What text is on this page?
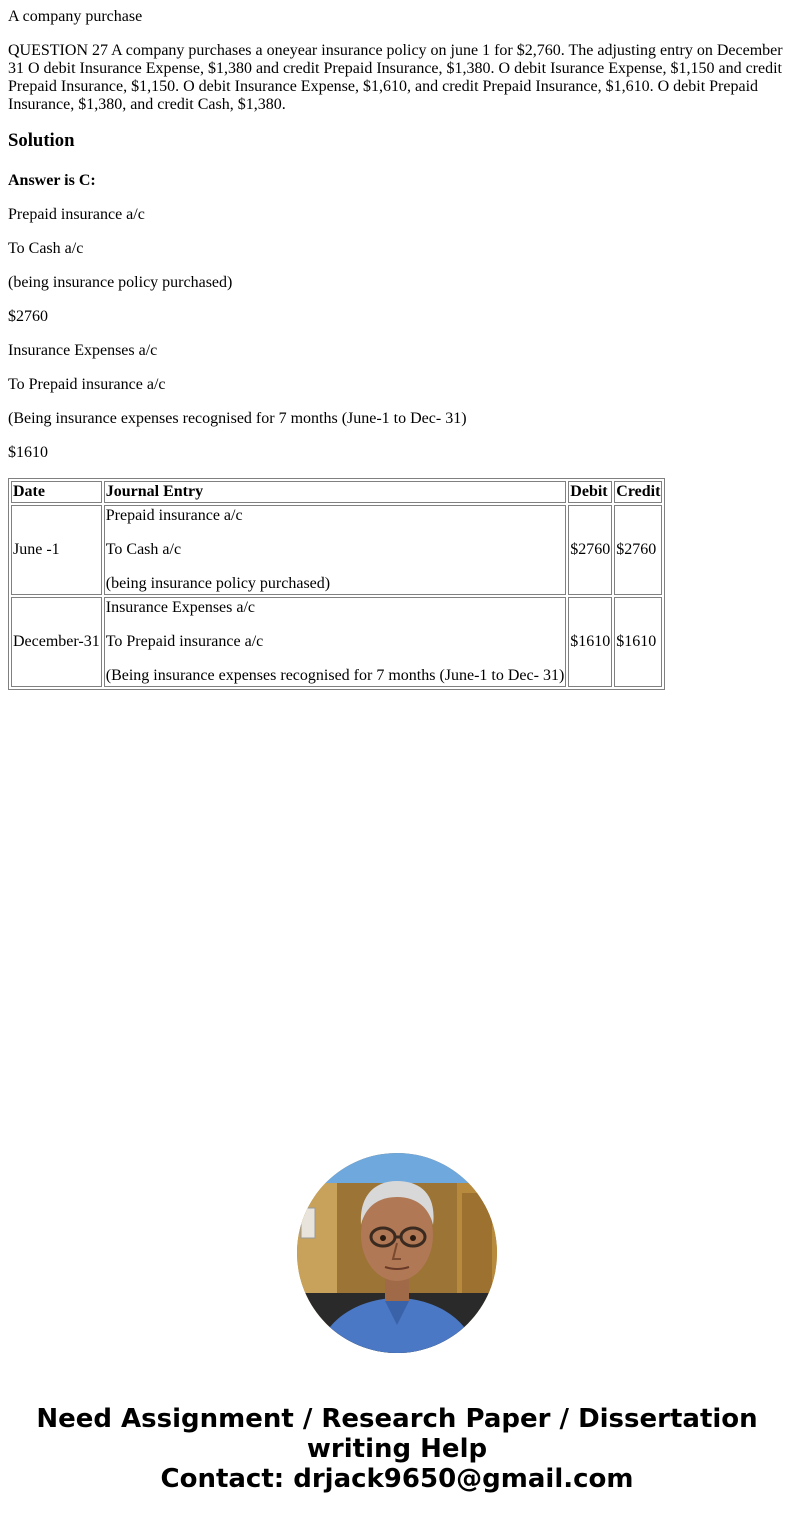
A company purchase

QUESTION 27 A company purchases a oneyear insurance policy on june 1 for $2,760. The adjusting entry on December 31 O debit Insurance Expense, $1,380 and credit Prepaid Insurance, $1,380. O debit Isurance Expense, $1,150 and credit Prepaid Insurance, $1,150. O debit Insurance Expense, $1,610, and credit Prepaid Insurance, $1,610. O debit Prepaid Insurance, $1,380, and credit Cash, $1,380.

Solution

Answer is C:

Prepaid insurance a/c

To Cash a/c

(being insurance policy purchased)

$2760

Insurance Expenses a/c

To Prepaid insurance a/c

(Being insurance expenses recognised for 7 months (June-1 to Dec- 31)

$1610

Date	Journal Entry	Debit	Credit
June -1	Prepaid insurance a/c

To Cash a/c

(being insurance policy purchased)	$2760	$2760
December-31	Insurance Expenses a/c

To Prepaid insurance a/c

(Being insurance expenses recognised for 7 months (June-1 to Dec- 31)	$1610	$1610
Need Assignment / Research Paper / Dissertation
writing Help
Contact: drjack9650@gmail.com
